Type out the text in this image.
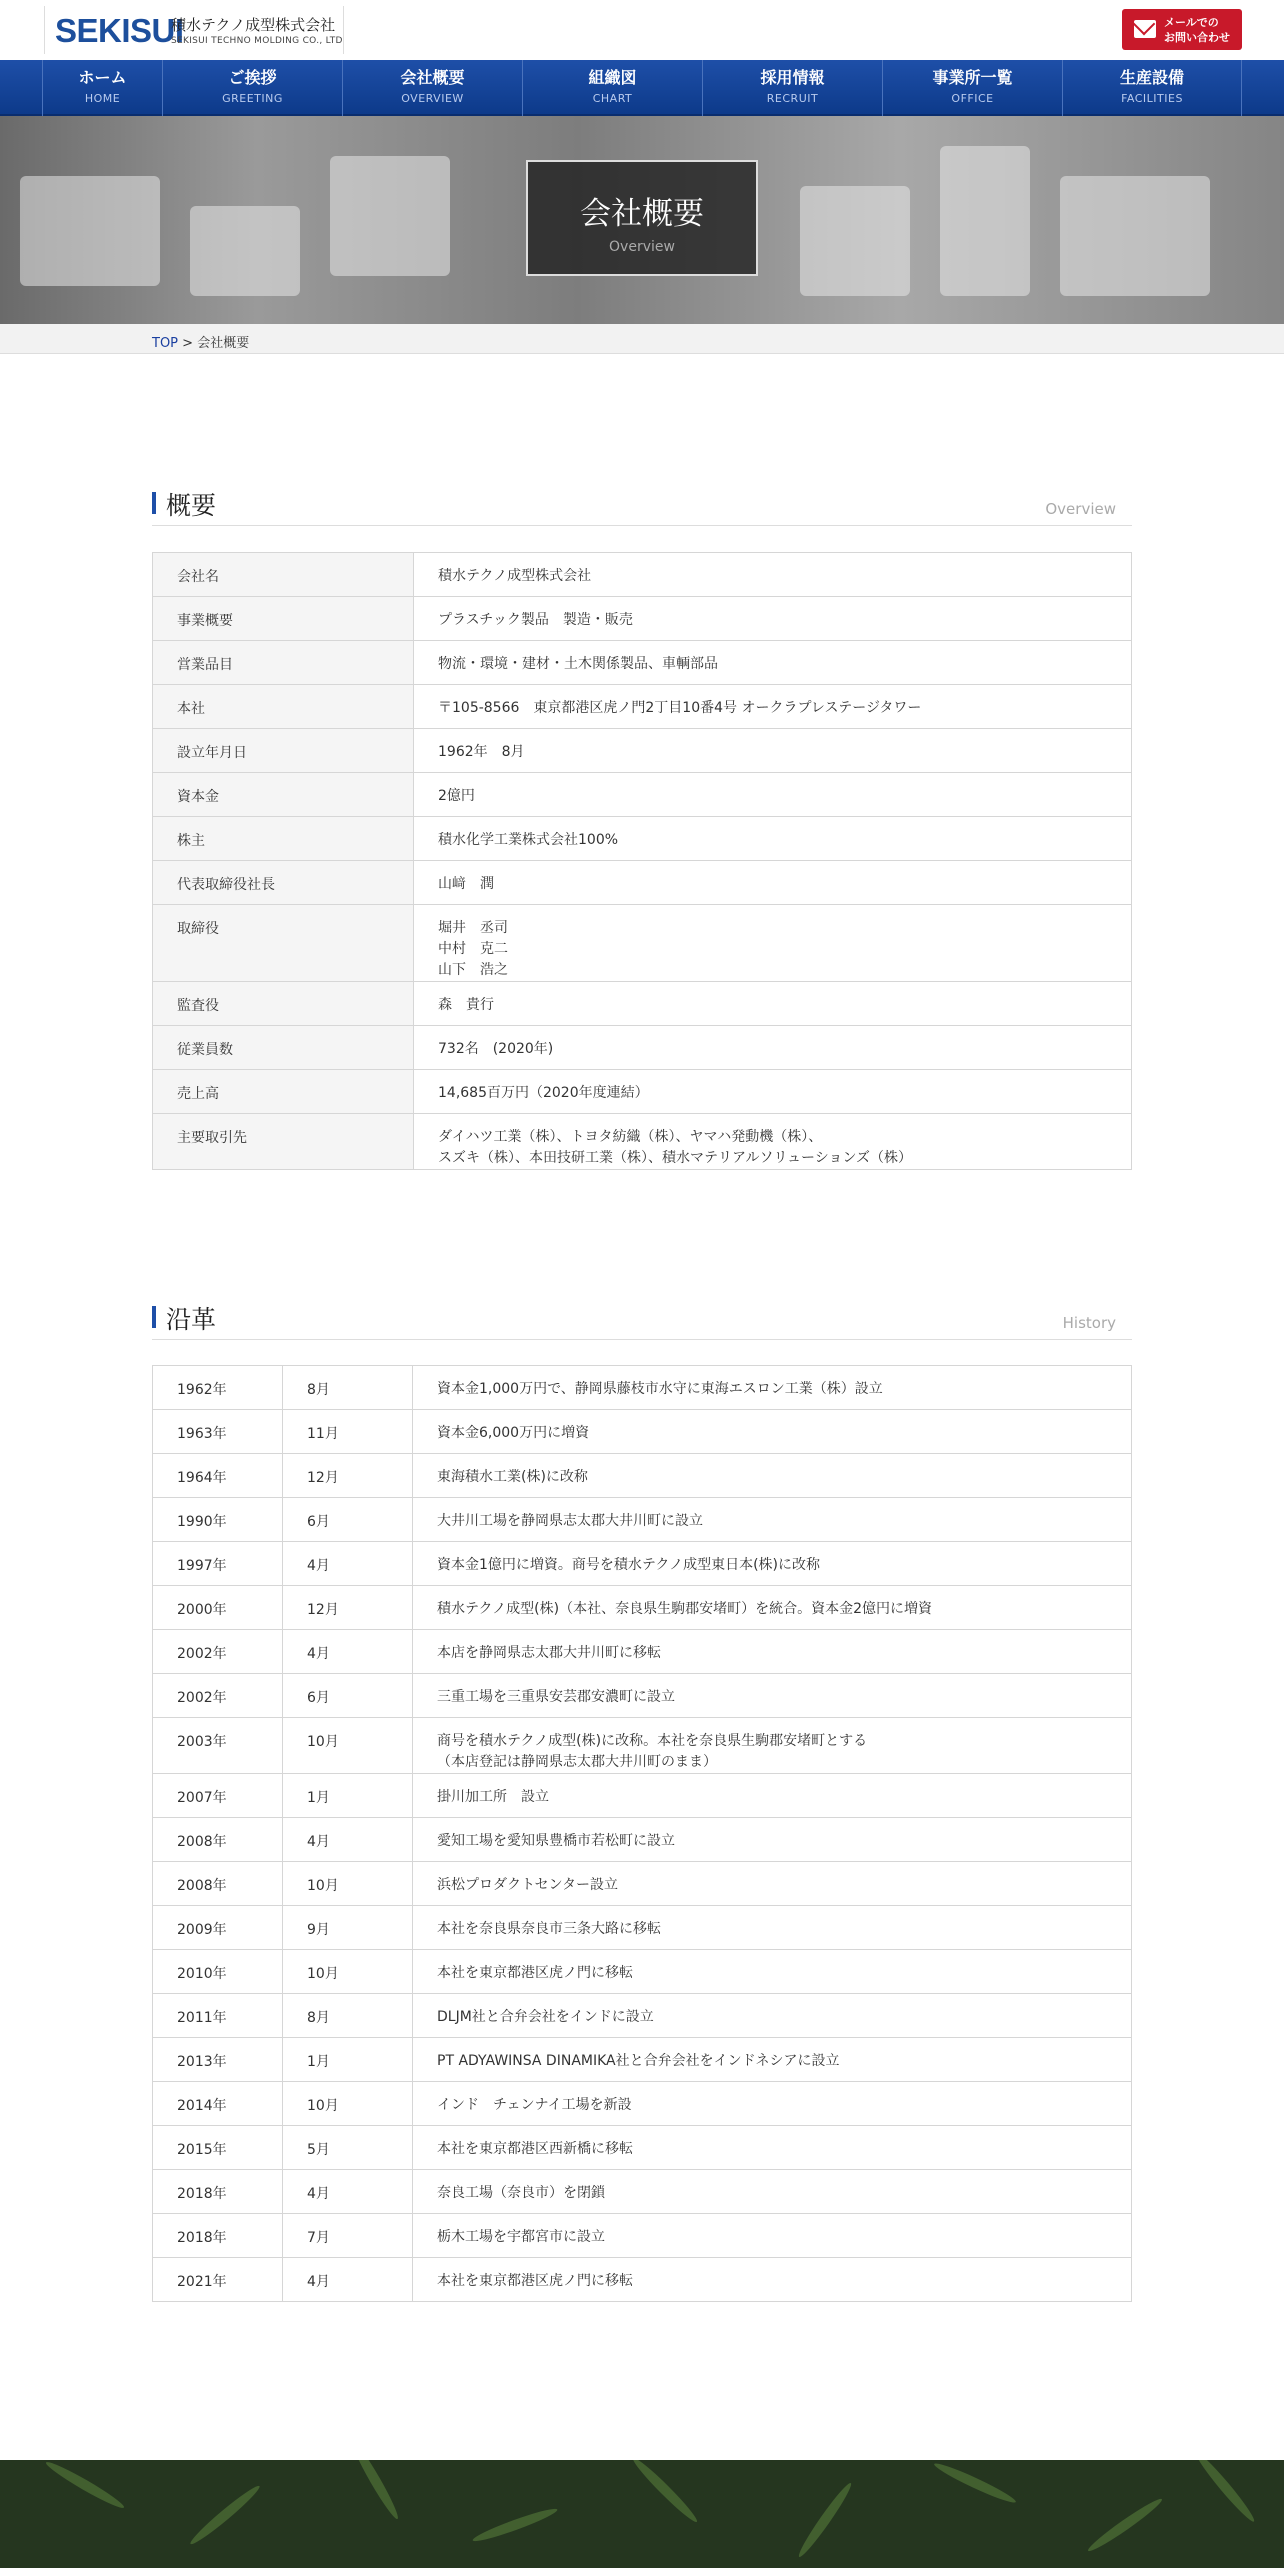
SEKISUI
積水テクノ成型株式会社
SEKISUI TECHNO MOLDING CO., LTD
メールでの
お問い合わせ
ホーム
HOME
ご挨拶
GREETING
会社概要
OVERVIEW
組織図
CHART
採用情報
RECRUIT
事業所一覧
OFFICE
生産設備
FACILITIES
会社概要
Overview
TOP > 会社概要
概要	Overview
会社名	積水テクノ成型株式会社
事業概要	プラスチック製品　製造・販売
営業品目	物流・環境・建材・土木関係製品、車輌部品
本社	〒105-8566　東京都港区虎ノ門2丁目10番4号 オークラプレステージタワー
設立年月日	1962年　8月
資本金	2億円
株主	積水化学工業株式会社100%
代表取締役社長	山﨑　潤
取締役	堀井　丞司
中村　克二
山下　浩之
監査役	森　貴行
従業員数	732名　(2020年)
売上高	14,685百万円（2020年度連結）
主要取引先	ダイハツ工業（株）、トヨタ紡織（株）、ヤマハ発動機（株）、
スズキ（株）、本田技研工業（株）、積水マテリアルソリューションズ（株）
沿革	History
1962年	8月	資本金1,000万円で、静岡県藤枝市水守に東海エスロン工業（株）設立
1963年	11月	資本金6,000万円に増資
1964年	12月	東海積水工業(株)に改称
1990年	6月	大井川工場を静岡県志太郡大井川町に設立
1997年	4月	資本金1億円に増資。商号を積水テクノ成型東日本(株)に改称
2000年	12月	積水テクノ成型(株)（本社、奈良県生駒郡安堵町）を統合。資本金2億円に増資
2002年	4月	本店を静岡県志太郡大井川町に移転
2002年	6月	三重工場を三重県安芸郡安濃町に設立
2003年	10月	商号を積水テクノ成型(株)に改称。本社を奈良県生駒郡安堵町とする
（本店登記は静岡県志太郡大井川町のまま）
2007年	1月	掛川加工所　設立
2008年	4月	愛知工場を愛知県豊橋市若松町に設立
2008年	10月	浜松プロダクトセンター設立
2009年	9月	本社を奈良県奈良市三条大路に移転
2010年	10月	本社を東京都港区虎ノ門に移転
2011年	8月	DLJM社と合弁会社をインドに設立
2013年	1月	PT ADYAWINSA DINAMIKA社と合弁会社をインドネシアに設立
2014年	10月	インド　チェンナイ工場を新設
2015年	5月	本社を東京都港区西新橋に移転
2018年	4月	奈良工場（奈良市）を閉鎖
2018年	7月	栃木工場を宇都宮市に設立
2021年	4月	本社を東京都港区虎ノ門に移転
